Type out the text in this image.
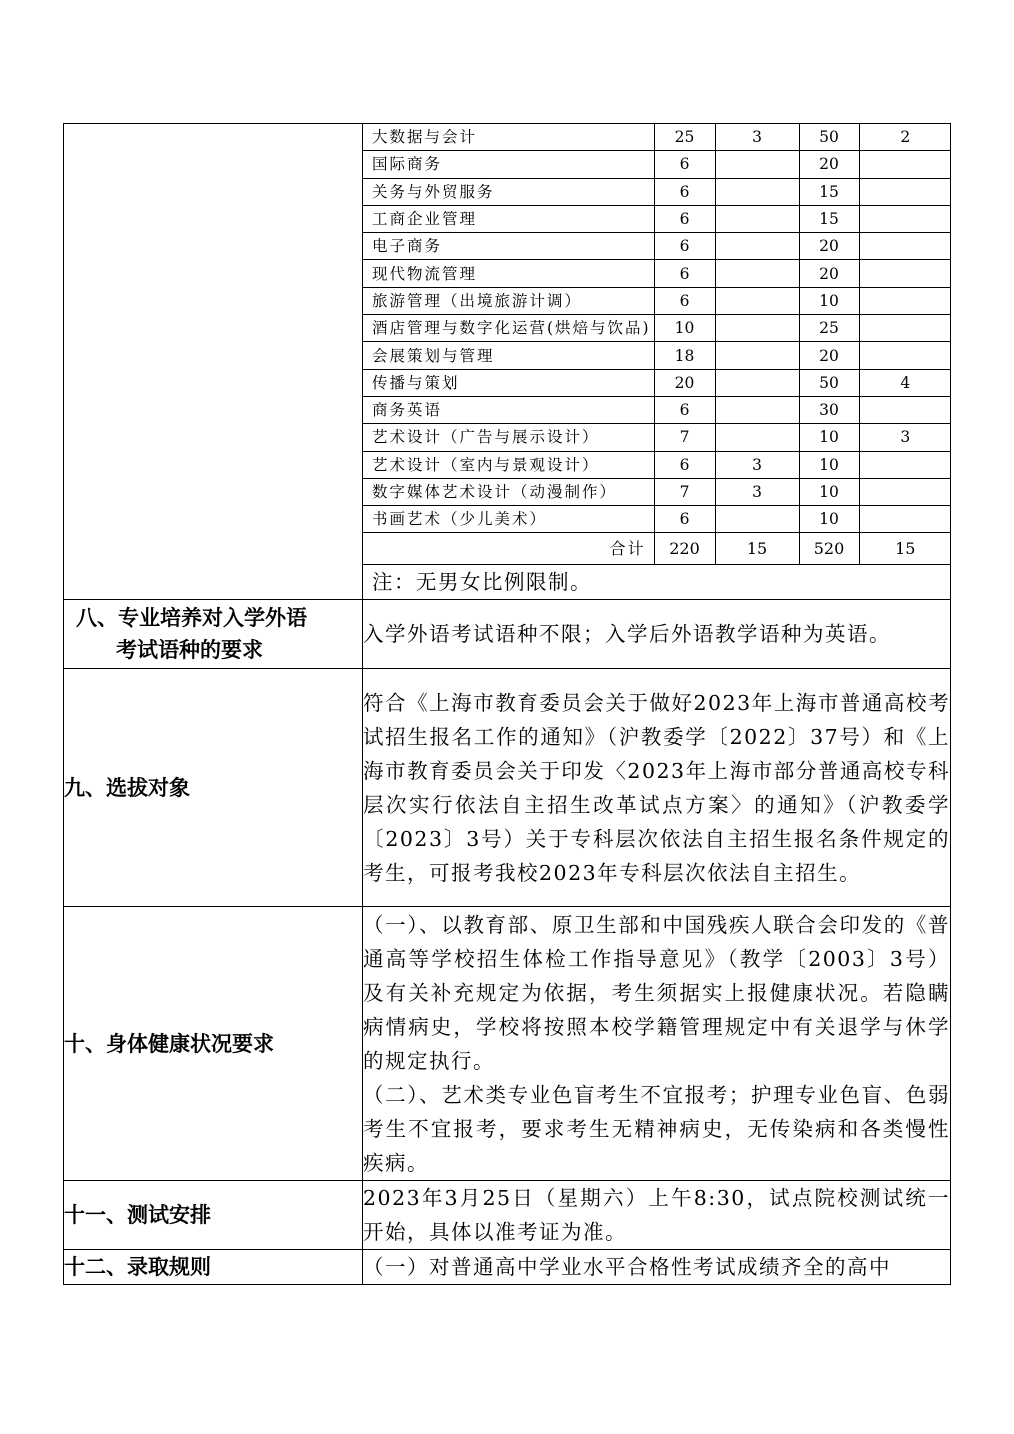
大数据与会计	25	3	50	2
国际商务	6		20	
关务与外贸服务	6		15	
工商企业管理	6		15	
电子商务	6		20	
现代物流管理	6		20	
旅游管理（出境旅游计调）	6		10	
酒店管理与数字化运营(烘焙与饮品)	10		25	
会展策划与管理	18		20	
传播与策划	20		50	4
商务英语	6		30	
艺术设计（广告与展示设计）	7		10	3
艺术设计（室内与景观设计）	6	3	10	
数字媒体艺术设计（动漫制作）	7	3	10	
书画艺术（少儿美术）	6		10	
合计	220	15	520	15
注：无男女比例限制。

八、专业培养对入学外语
考试语种的要求
	入学外语考试语种不限；入学后外语教学语种为英语。
九、选拔对象	符合《上海市教育委员会关于做好2023年上海市普通高校考试招生报名工作的通知》（沪教委学〔2022〕37号）和《上海市教育委员会关于印发〈2023年上海市部分普通高校专科层次实行依法自主招生改革试点方案〉的通知》（沪教委学〔2023〕3号）关于专科层次依法自主招生报名条件规定的考生，可报考我校2023年专科层次依法自主招生。
十、身体健康状况要求	
（一）、以教育部、原卫生部和中国残疾人联合会印发的《普通高等学校招生体检工作指导意见》（教学〔2003〕3号）及有关补充规定为依据，考生须据实上报健康状况。若隐瞒病情病史，学校将按照本校学籍管理规定中有关退学与休学的规定执行。
（二）、艺术类专业色盲考生不宜报考；护理专业色盲、色弱考生不宜报考，要求考生无精神病史，无传染病和各类慢性疾病。

十一、测试安排	2023年3月25日（星期六）上午8:30，试点院校测试统一开始，具体以准考证为准。
十二、录取规则	（一）对普通高中学业水平合格性考试成绩齐全的高中
